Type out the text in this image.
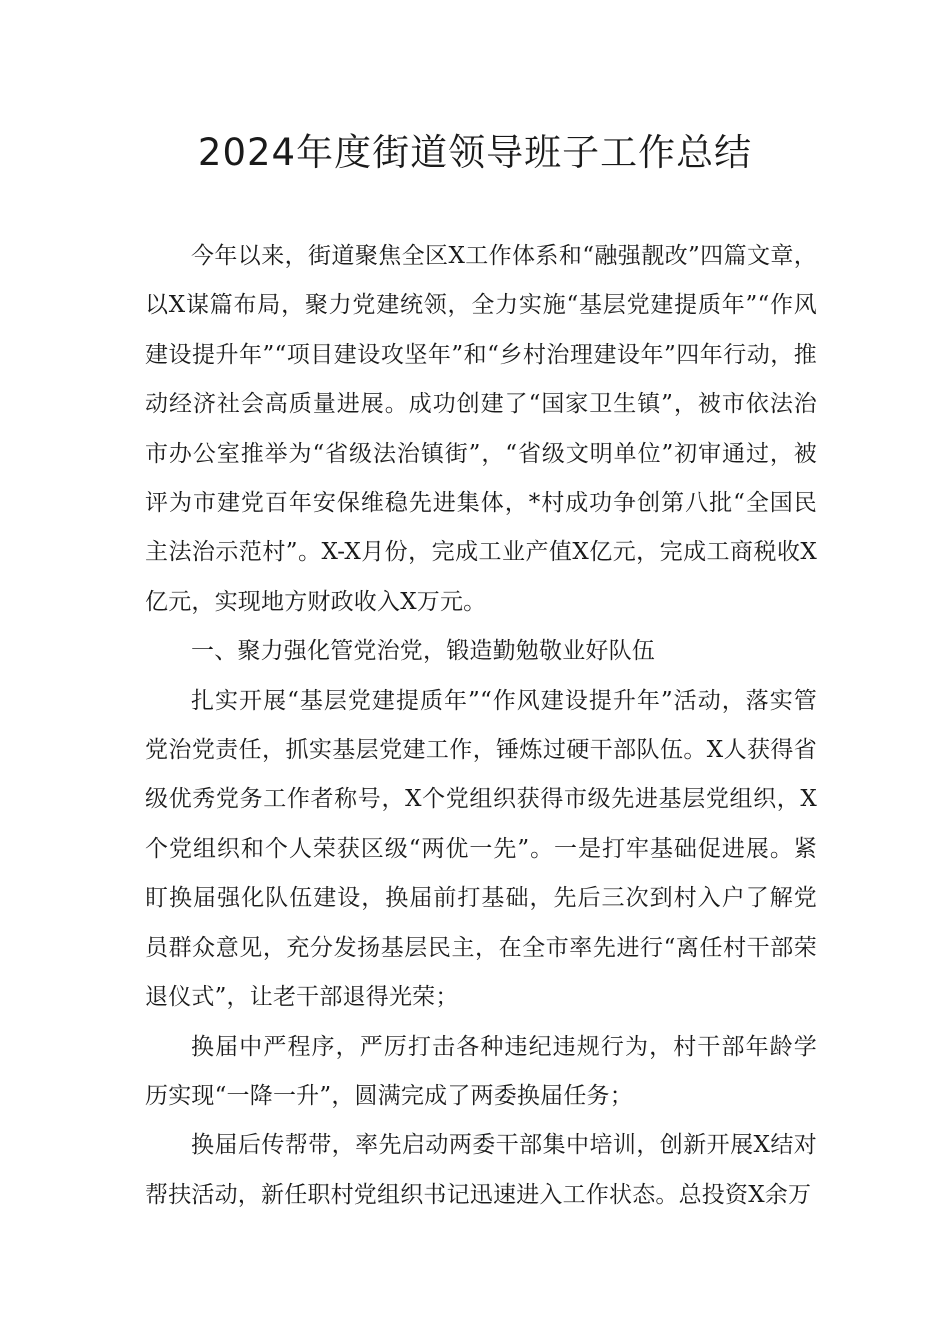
2024年度街道领导班子工作总结

今年以来，街道聚焦全区X工作体系和“融强靓改”四篇文章，以X谋篇布局，聚力党建统领，全力实施“基层党建提质年”“作风建设提升年”“项目建设攻坚年”和“乡村治理建设年”四年行动，推动经济社会高质量进展。成功创建了“国家卫生镇”，被市依法治市办公室推举为“省级法治镇街”，“省级文明单位”初审通过，被评为市建党百年安保维稳先进集体，*村成功争创第八批“全国民主法治示范村”。X-X月份，完成工业产值X亿元，完成工商税收X亿元，实现地方财政收入X万元。

一、聚力强化管党治党，锻造勤勉敬业好队伍

扎实开展“基层党建提质年”“作风建设提升年”活动，落实管党治党责任，抓实基层党建工作，锤炼过硬干部队伍。X人获得省级优秀党务工作者称号，X个党组织获得市级先进基层党组织，X个党组织和个人荣获区级“两优一先”。一是打牢基础促进展。紧盯换届强化队伍建设，换届前打基础，先后三次到村入户了解党员群众意见，充分发扬基层民主，在全市率先进行“离任村干部荣退仪式”，让老干部退得光荣；

换届中严程序，严厉打击各种违纪违规行为，村干部年龄学历实现“一降一升”，圆满完成了两委换届任务；

换届后传帮带，率先启动两委干部集中培训，创新开展X结对帮扶活动，新任职村党组织书记迅速进入工作状态。总投资X余万
